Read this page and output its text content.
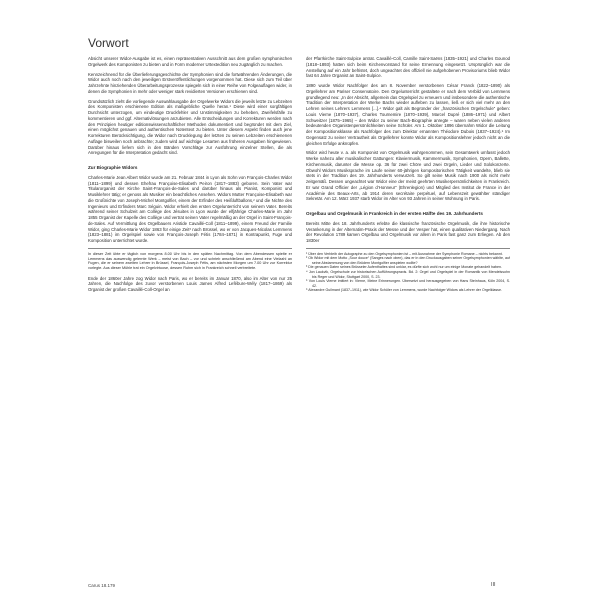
Vorwort

Absicht unserer Widor-Ausgabe ist es, einen repräsentativen Ausschnitt aus dem großen symphonischen Orgelwerk des Komponisten zu bieten und in Form moderner Urtextedition neu zugänglich zu machen.

Kennzeichnend für die Überlieferungsgeschichte der Symphonien sind die fortwährenden Änderungen, die Widor auch noch nach den jeweiligen Erstveröffentlichungen vorgenommen hat. Diese sich zum Teil über Jahrzehnte hinziehenden Überarbeitungsprozesse spiegeln sich in einer Reihe von Folgeauflagen wider, in denen die Symphonien in mehr oder weniger stark revidierten Versionen erschienen sind.

Grundsätzlich zieht die vorliegende Auswahlausgabe der Orgelwerke Widors die jeweils letzte zu Lebzeiten des Komponisten erschienene Edition als maßgebliche Quelle heran.¹ Diese wird einer sorgfältigen Durchsicht unterzogen, um eindeutige Druckfehler und Unstimmigkeiten zu beheben, Zweifelsfälle zu kommentieren und ggf. Alternativlösungen anzubieten. Alle Entscheidungen und Korrekturen werden nach den Prinzipien heutiger editionswissenschaftlicher Methoden dokumentiert und begründet mit dem Ziel, einen möglichst genauen und authentischen Notentext zu bieten. Unter diesem Aspekt finden auch jene Korrekturen Berücksichtigung, die Widor nach Drucklegung der letzten zu seinen Lebzeiten erschienenen Auflage bisweilen noch anbrachte; zudem wird auf wichtige Lesarten aus früheren Ausgaben hingewiesen. Darüber hinaus liefern sich in den Bänden Vorschläge zur Ausführung einzelner Stellen, die als Anregungen für die Interpretation gedacht sind.

Zur Biographie Widors

Charles-Marie Jean Albert Widor wurde am 21. Februar 1844 in Lyon als Sohn von François-Charles Widor (1811–1899) und dessen Ehefrau Françoise-Elisabeth Peiron (1817–1883) geboren. Sein Vater war Titularorganist der Kirche Saint-François-de-Sales und darüber hinaus als Pianist, Komponist und Musiklehrer tätig; er genoss als Musiker ein beachtliches Ansehen. Widors Mutter Françoise-Elisabeth war die Großnichte von Joseph-Michel Montgolfier, einem der Erfinder des Heißluftballons,² und die Nichte des Ingenieurs und Erfinders Marc Séguin. Widor erhielt den ersten Orgelunterricht von seinem Vater. Bereits während seiner Schulzeit am Collège des Jésuites in Lyon wurde der elfjährige Charles-Marie im Jahr 1855 Organist der Kapelle des Collège und vertrat seinen Vater regelmäßig an der Orgel in Saint-François-de-Sales. Auf Vermittlung des Orgelbauers Aristide Cavaillé-Coll (1811–1899), einem Freund der Familie Widor, ging Charles-Marie Widor 1863 für einige Zeit³ nach Brüssel, wo er von Jacques-Nicolas Lemmens (1823–1881) im Orgelspiel sowie von François-Joseph Fétis (1784–1871) in Kontrapunkt, Fuge und Komposition unterrichtet wurde.

In dieser Zeit übte er täglich von morgens 8.00 Uhr bis in den späten Nachmittag. Von dem Abendessen spielte er Lemmens das auswendig gelernte Werk – meist von Bach – vor und schrieb anschließend am Abend eine Vielzahl an Fugen, die er seinem zweiten Lehrer in Brüssel, François-Joseph Fétis, am nächsten Morgen um 7.00 Uhr zur Korrektur vorlegte. Aus dieser Mühle trat ein Orgelvirtuose, dessen Ruhm sich in Frankreich schnell verbreitete.

Ende der 1860er Jahre zog Widor nach Paris, wo er bereits im Januar 1870, also im Alter von nur 25 Jahren, die Nachfolge des zuvor verstorbenen Louis James Alfred Lefébure-Wély (1817–1869) als Organist der großen Cavaillé-Coll-Orgel an

der Pfarrkirche Saint-Sulpice antrat. Cavaillé-Coll, Camille Saint-Saëns (1835–1921) und Charles Gounod (1818–1893) hatten sich beim Kirchenvorstand für seine Ernennung eingesetzt. Ursprünglich war die Anstellung auf ein Jahr befristet, doch ungeachtet des offiziell nie aufgehobenen Provisoriums blieb Widor fast 64 Jahre Organist an Saint-Sulpice.

1890 wurde Widor Nachfolger des am 8. November verstorbenen César Franck (1822–1890) als Orgellehrer am Pariser Conservatoire. Den Orgelunterricht gestaltete er nach dem Verbild von Lemmens grundlegend neu: „In der Absicht, allgemein das Orgelspiel zu erneuern und insbesondere die authentische Tradition der Interpretation der Werke Bachs wieder aufleben zu lassen, ließ er sich viel mehr an den Lehren seines Lehrers Lemmens [...].⁴ Widor galt als Begründer der „französischen Orgelschule“ geben: Louis Vierne (1870–1937), Charles Tournemire (1870–1939), Marcel Dupré (1886–1971) und Albert Schweitzer (1875–1965) – den Widor zu seiner Bach-Biographie anregte – waren neben vielen anderen bedeutenden Organistenpersönlichkeiten seine Schüler. Am 1. Oktober 1896 übernahm Widor die Leitung der Kompositionsklasse als Nachfolger des zum Direktor ernannten Théodore Dubois (1837–1924).⁵ Im Gegensatz zu seiner Vertrautheit als Orgellehrer konnte Widor als Kompositionslehrer jedoch nicht an die gleichen Erfolge anknüpfen.

Widor wird heute v. a. als Komponist von Orgelmusik wahrgenommen, sein Gesamtwerk umfasst jedoch Werke nahezu aller musikalischer Gattungen: Klaviermusik, Kammermusik, Symphonien, Opern, Ballette, Kirchenmusik, darunter die Messe op. 36 für zwei Chöre und zwei Orgeln, Lieder und Solokonzerte. Obwohl Widors Musiksprache im Laufe seiner 60-jährigen kompositorischen Tätigkeit wandelte, blieb sie stets in der Tradition des 19. Jahrhunderts verwurzelt. So gilt seine Musik nach 1900 als nicht mehr zeitgemäß. Dessen ungeachtet war Widor eine der meist geehrten Musikerpersönlichkeiten in Frankreich. Er war Grand Officier der „Légion d’Honneur“ (Ehrenlegion) und Mitglied des Institut de France in der Académie des Beaux-Arts, ab 1914 deren secrétaire perpétuel, auf Lebenszeit gewählter ständiger Sekretär. Am 12. März 1937 starb Widor im Alter von 93 Jahren in seiner Wohnung in Paris.

Orgelbau und Orgelmusik in Frankreich in der ersten Hälfte des 19. Jahrhunderts

Bereits Mitte des 18. Jahrhunderts erlebte die klassische französische Orgelmusik, die ihre historische Verankerung in der Alternatim-Praxis der Messe und der Vesper hat, einen qualitativen Niedergang. Nach der Revolution 1789 kamen Orgelbau und Orgelmusik vor allem in Paris fast ganz zum Erliegen. Ab den 1830er

¹ Über den Verbleib der Autographe zu den Orgelsymphonien ist – mit Ausnahme der Symphonie Romane – nichts bekannt.
² Ob Widor mit dem Motto „Sour douce“ (Sanges nach oben), das er in den Druckausgaben seiner Orgelsymphonien wählte, auf seine Abstammung von den Brüdern Montgolfier anspielen wollte?
³ Die genauen Daten seines Brüsseler Aufenthaltes sind unklar, es dürfte sich wohl nur um einige Monate gehandelt haben.
⁴ Jon Laukvik, Orgelschule zur historischen Aufführungspraxis. Bd. 2: Orgel und Orgelspiel in der Romantik von Mendelssohn bis Reger und Widor, Stuttgart 2000, S. 23.
⁵ Von Louis Vierne imitiert in: Vierne, Meine Erinnerungen. Übersetzt und herausgegeben von Hans Steinhaus, Köln 2004, S. 42.
⁶ Alexandre Guilmant (1837–1911), wie Widor Schüler von Lemmens, wurde Nachfolger Widors als Lehrer der Orgelklasse.
Carus 18.179	III
